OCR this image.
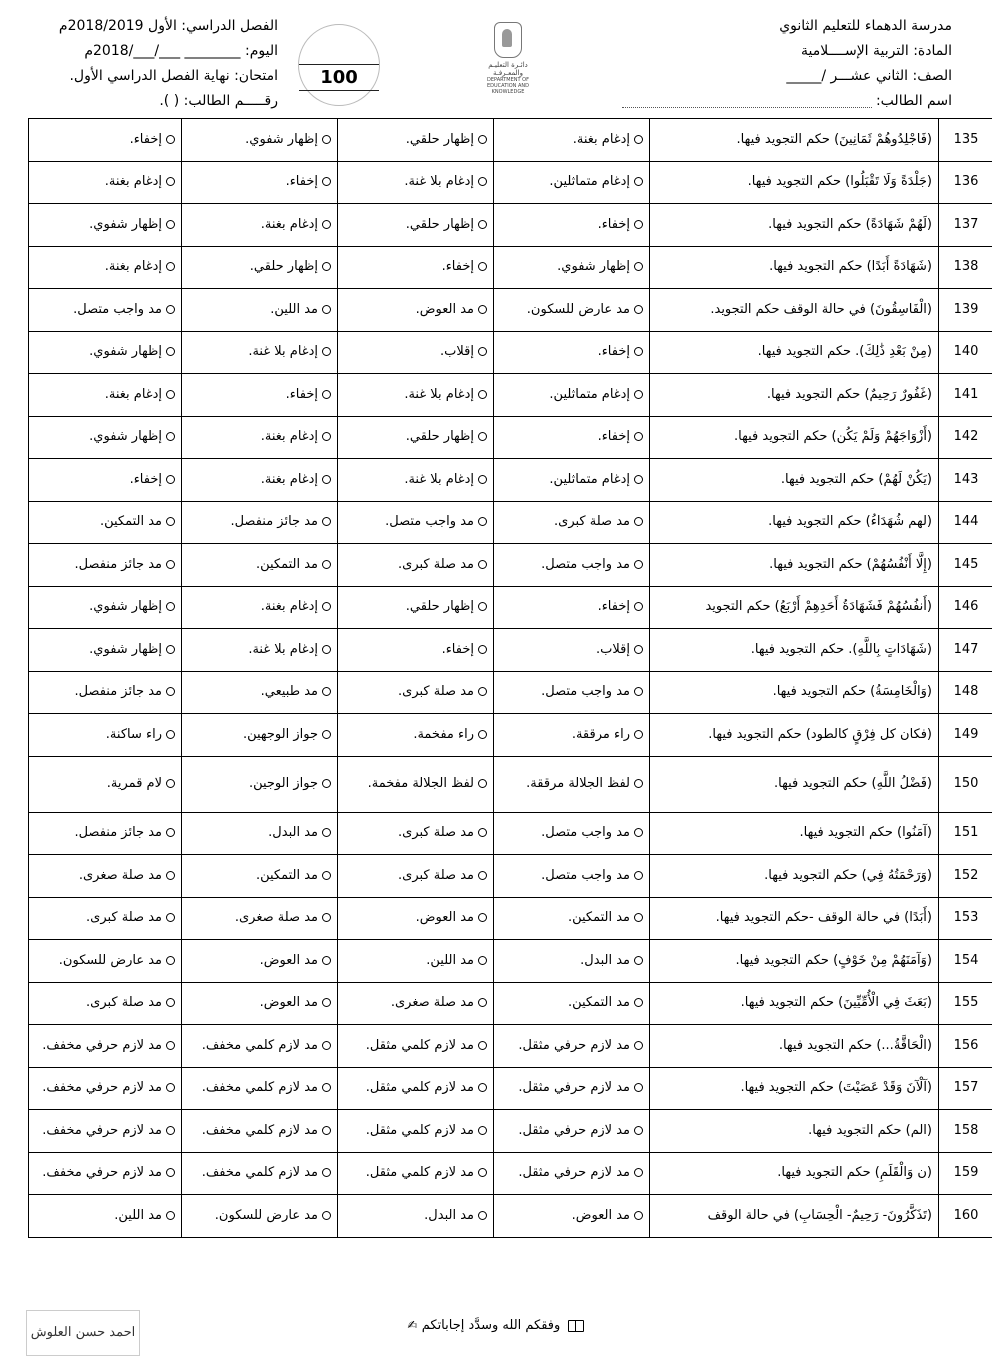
مدرسة الدهماء للتعليم الثانوي
المادة: التربية الإســــلامية
الصف: الثاني عشـــر /_____
اسم الطالب:
دائـرة التعليـم والمعـرفـة
DEPARTMENT OF EDUCATION AND KNOWLEDGE
100
الفصل الدراسي: الأول 2018/2019م
اليوم: ________ ___/___/2018م
امتحان: نهاية الفصل الدراسي الأول.
رقـــــم الطالب: ( ).
135	(فَاجْلِدُوهُمْ ثَمَانِينَ) حكم التجويد فيها.	إدغام بغنة.	إظهار حلقي.	إظهار شفوي.	إخفاء.
136	(جَلْدَةً وَلَا تَقْبَلُوا) حكم التجويد فيها.	إدغام متماثلين.	إدغام بلا غنة.	إخفاء.	إدغام بغنة.
137	(لَهُمْ شَهَادَةً) حكم التجويد فيها.	إخفاء.	إظهار حلقي.	إدغام بغنة.	إظهار شفوي.
138	(شَهَادَةً أَبَدًا) حكم التجويد فيها.	إظهار شفوي.	إخفاء.	إظهار حلقي.	إدغام بغنة.
139	(الْفَاسِقُونَ) في حالة الوقف حكم التجويد.	مد عارض للسكون.	مد العوض.	مد اللين.	مد واجب متصل.
140	(مِنْ بَعْدِ ذَٰلِكَ). حكم التجويد فيها.	إخفاء.	إقلاب.	إدغام بلا غنة.	إظهار شفوي.
141	(غَفُورٌ رَحِيمٌ) حكم التجويد فيها.	إدغام متماثلين.	إدغام بلا غنة.	إخفاء.	إدغام بغنة.
142	(أَزْوَاجَهُمْ وَلَمْ يَكُن) حكم التجويد فيها.	إخفاء.	إظهار حلقي.	إدغام بغنة.	إظهار شفوي.
143	(يَكُنْ لَهُمْ) حكم التجويد فيها.	إدغام متماثلين.	إدغام بلا غنة.	إدغام بغنة.	إخفاء.
144	(لهم شُهَدَاءُ) حكم التجويد فيها.	مد صلة كبرى.	مد واجب متصل.	مد جائز منفصل.	مد التمكين.
145	(إِلَّا أَنْفُسُهُمْ) حكم التجويد فيها.	مد واجب متصل.	مد صلة كبرى.	مد التمكين.	مد جائز منفصل.
146	(أَنفُسُهُمْ فَشَهَادَةُ أَحَدِهِمْ أَرْبَعُ) حكم التجويد	إخفاء.	إظهار حلقي.	إدغام بغنة.	إظهار شفوي.
147	(شَهَادَاتٍ بِاللَّهِ). حكم التجويد فيها.	إقلاب.	إخفاء.	إدغام بلا غنة.	إظهار شفوي.
148	(وَالْخَامِسَةُ) حكم التجويد فيها.	مد واجب متصل.	مد صلة كبرى.	مد طبيعي.	مد جائز منفصل.
149	(فكان كل فِرْقٍ كالطود) حكم التجويد فيها.	راء مرققة.	راء مفخمة.	جواز الوجهين.	راء ساكنة.
150	(فَضْلُ اللَّهِ) حكم التجويد فيها.	لفظ الجلالة مرققة.	لفظ الجلالة مفخمة.	جواز الوجين.	لام قمرية.
151	(آمَنُوا) حكم التجويد فيها.	مد واجب متصل.	مد صلة كبرى.	مد البدل.	مد جائز منفصل.
152	(وَرَحْمَتُهُ فِي) حكم التجويد فيها.	مد واجب متصل.	مد صلة كبرى.	مد التمكين.	مد صلة صغرى.
153	(أَبَدًا) في حالة الوقف -حكم التجويد فيها.	مد التمكين.	مد العوض.	مد صلة صغرى.	مد صلة كبرى.
154	(وَآمَنَهُمْ مِنْ خَوْفٍ) حكم التجويد فيها.	مد البدل.	مد اللين.	مد العوض.	مد عارض للسكون.
155	(بَعَثَ فِي الْأُمِّيِّينَ) حكم التجويد فيها.	مد التمكين.	مد صلة صغرى.	مد العوض.	مد صلة كبرى.
156	(الْحَاقَّةُ...) حكم التجويد فيها.	مد لازم حرفي مثقل.	مد لازم كلمي مثقل.	مد لازم كلمي مخفف.	مد لازم حرفي مخفف.
157	(آلْآنَ وَقَدْ عَصَيْتَ) حكم التجويد فيها.	مد لازم حرفي مثقل.	مد لازم كلمي مثقل.	مد لازم كلمي مخفف.	مد لازم حرفي مخفف.
158	(الم) حكم التجويد فيها.	مد لازم حرفي مثقل.	مد لازم كلمي مثقل.	مد لازم كلمي مخفف.	مد لازم حرفي مخفف.
159	(ن وَالْقَلَمِ) حكم التجويد فيها.	مد لازم حرفي مثقل.	مد لازم كلمي مثقل.	مد لازم كلمي مخفف.	مد لازم حرفي مخفف.
160	(تَذَكَّرُونَ- رَحِيمٌ- الْحِسَابِ) في حالة الوقف	مد العوض.	مد البدل.	مد عارض للسكون.	مد اللين.
وفقكم الله وسدَّد إجاباتكم ✍
احمد حسن العلوش
